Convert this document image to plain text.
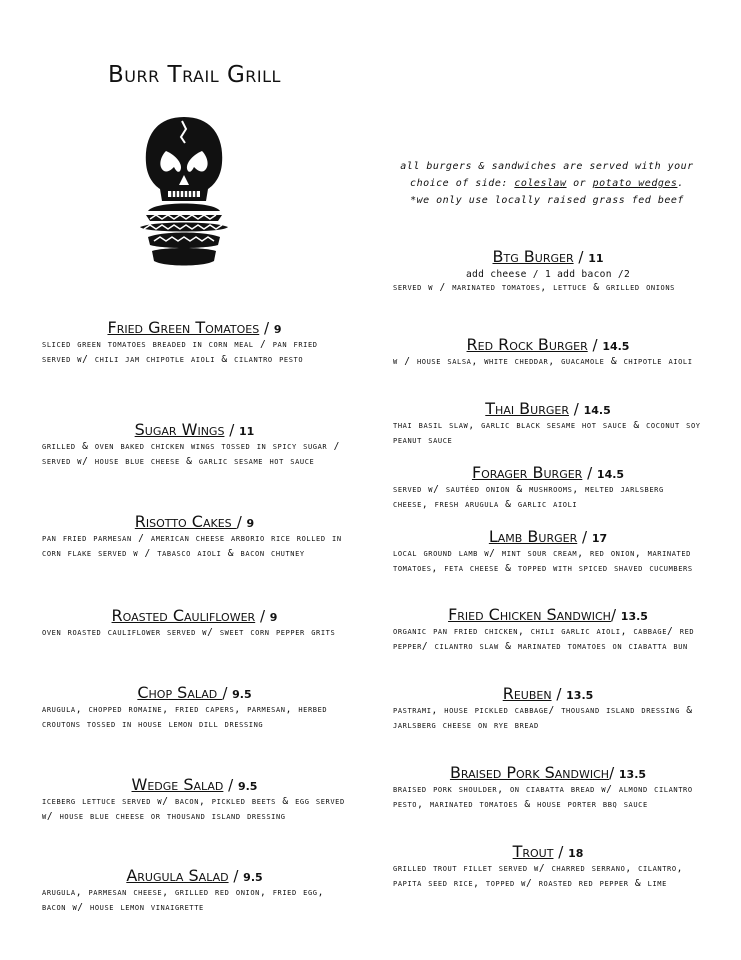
Burr Trail Grill
all burgers & sandwiches are served with your
choice of side: coleslaw or potato wedges.
*we only use locally raised grass fed beef
Fried Green Tomatoes / 9
sliced green tomatoes breaded in corn meal / pan fried served w/ chili jam chipotle aioli & cilantro pesto
Sugar Wings / 11
grilled & oven baked chicken wings tossed in spicy sugar / served w/ house blue cheese & garlic sesame hot sauce
Risotto Cakes / 9
pan fried parmesan / american cheese arborio rice rolled in corn flake served w / tabasco aioli & bacon chutney
Roasted Cauliflower / 9
oven roasted cauliflower served w/ sweet corn pepper grits
Chop Salad / 9.5
arugula, chopped romaine, fried capers, parmesan, herbed croutons tossed in house lemon dill dressing
Wedge Salad / 9.5
iceberg lettuce served w/ bacon, pickled beets & egg served w/ house blue cheese or thousand island dressing
Arugula Salad / 9.5
arugula, parmesan cheese, grilled red onion, fried egg, bacon w/ house lemon vinaigrette
Btg Burger / 11
add cheese / 1 add bacon /2
served w / marinated tomatoes, lettuce & grilled onions
Red Rock Burger / 14.5
w / house salsa, white cheddar, guacamole & chipotle aioli
Thai Burger / 14.5
thai basil slaw, garlic black sesame hot sauce & coconut soy peanut sauce
Forager Burger / 14.5
served w/ sautéed onion & mushrooms, melted jarlsberg cheese, fresh arugula & garlic aioli
Lamb Burger / 17
local ground lamb w/ mint sour cream, red onion, marinated tomatoes, feta cheese & topped with spiced shaved cucumbers
Fried Chicken Sandwich/ 13.5
organic pan fried chicken, chili garlic aioli, cabbage/ red pepper/ cilantro slaw & marinated tomatoes on ciabatta bun
Reuben / 13.5
pastrami, house pickled cabbage/ thousand island dressing & jarlsberg cheese on rye bread
Braised Pork Sandwich/ 13.5
braised pork shoulder, on ciabatta bread w/ almond cilantro pesto, marinated tomatoes & house porter bbq sauce
Trout / 18
grilled trout fillet served w/ charred serrano, cilantro, papita seed rice, topped w/ roasted red pepper & lime
